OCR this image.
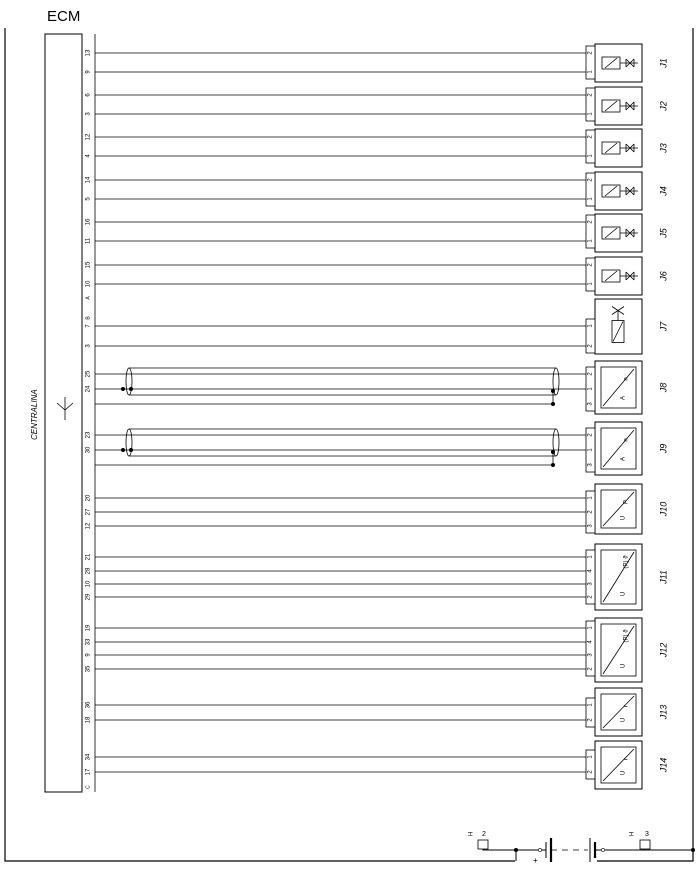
ECM
CENTRALINA
13
9
6
3
12
4
14
5
16
11
15
10
7
3
25
24
23
30
20
27
12
21
28
10
29
19
33
9
35
36
18
34
17
A
B
C
2
1
J1
2
1
J2
2
1
J3
2
1
J4
2
1
J5
2
1
J6
1
2
J7
2
1
3
n
A
J8
2
1
3
n
A
J9
1
2
3
P
U
J10
1
4
3
2
(P) ϑ
U
J11
1
4
3
2
(P) ϑ
U
J12
1
2
r
U
J13
1
2
r
U
J14
2	3
H	H
+	-
